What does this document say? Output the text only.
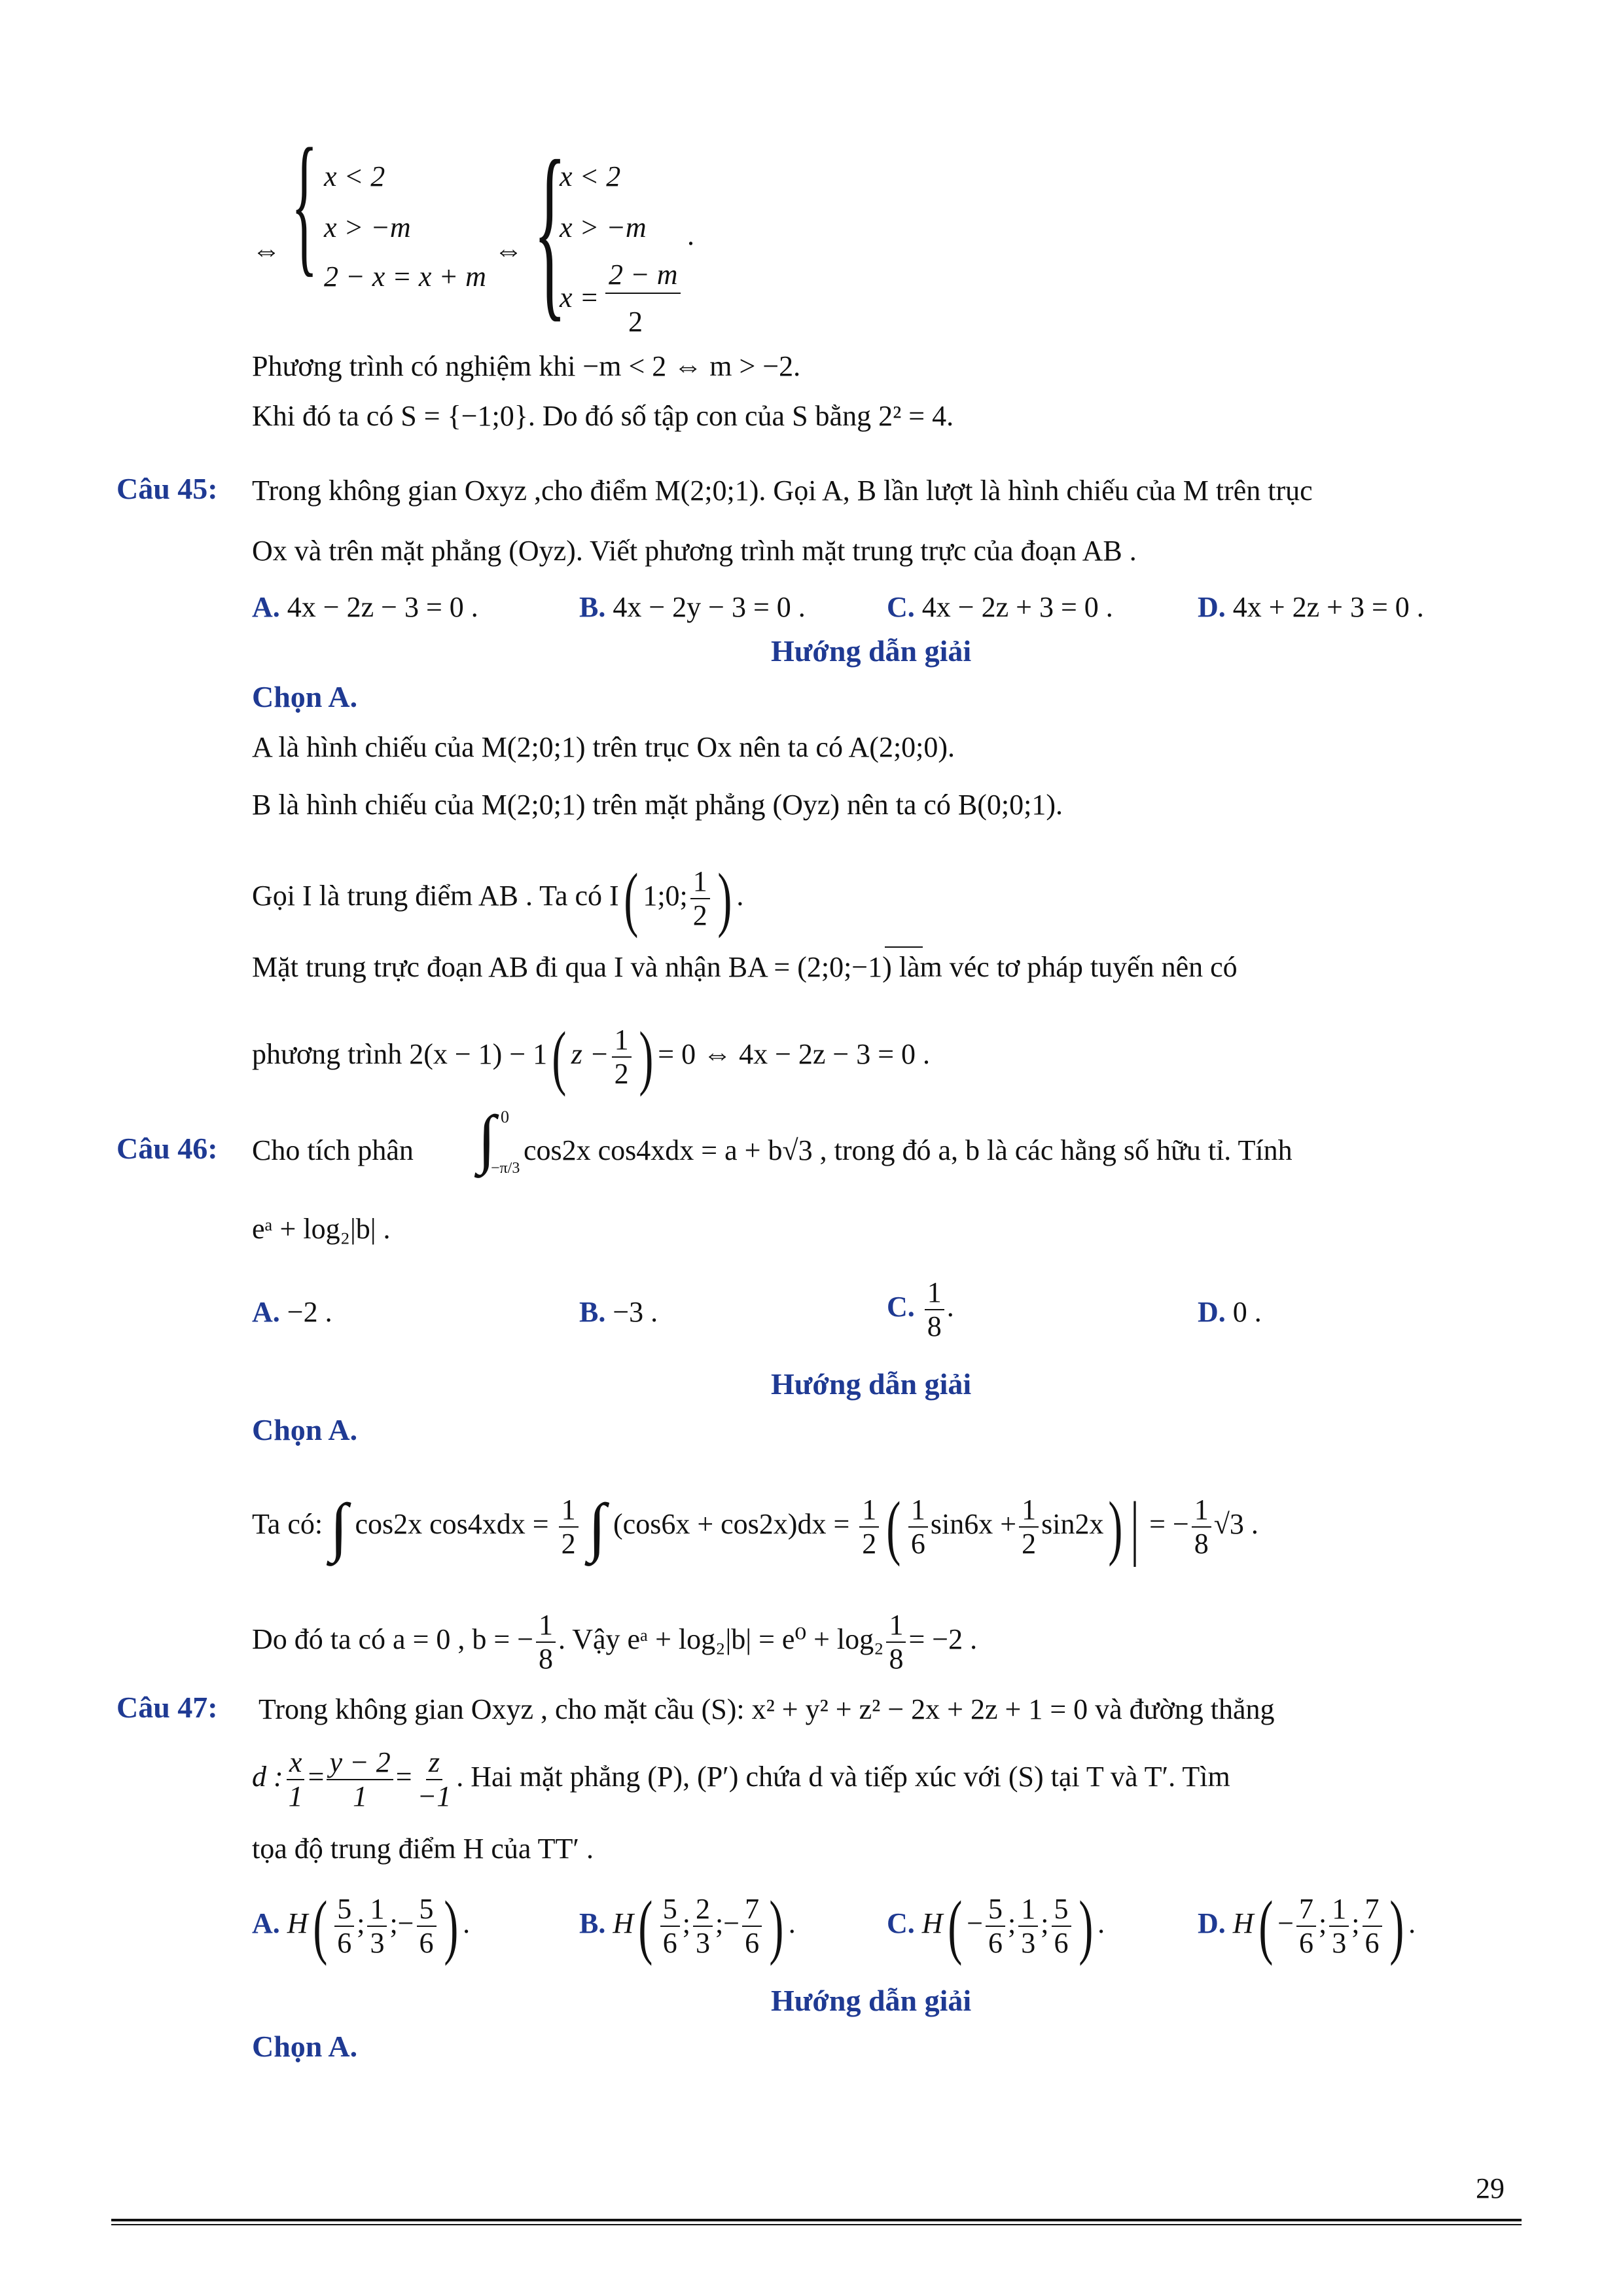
⇔ { x < 2
x > −m
2 − x = x + m
⇔ {
x < 2
x > −m
2 − m
x =
2
.
Phương trình có nghiệm khi −m < 2 ⇔ m > −2.
Khi đó ta có S = {−1;0}. Do đó số tập con của S bằng 2² = 4.
Câu 45: Trong không gian Oxyz ,cho điểm M(2;0;1). Gọi A, B lần lượt là hình chiếu của M trên trục
Ox và trên mặt phẳng (Oyz). Viết phương trình mặt trung trực của đoạn AB .
A. 4x − 2z − 3 = 0 .	B. 4x − 2y − 3 = 0 .	C. 4x − 2z + 3 = 0 .	D. 4x + 2z + 3 = 0 .
Hướng dẫn giải
Chọn A.
A là hình chiếu của M(2;0;1) trên trục Ox nên ta có A(2;0;0).
B là hình chiếu của M(2;0;1) trên mặt phẳng (Oyz) nên ta có B(0;0;1).
Gọi I là trung điểm AB . Ta có I( 1;0; $\frac{1}{2}$ ) .
Mặt trung trực đoạn AB đi qua I và nhận BA = (2;0;−1) làm véc tơ pháp tuyến nên có
phương trình 2(x − 1) − 1( $z - \frac{1}{2}$ ) = 0 ⇔ 4x − 2z − 3 = 0 .
Câu 46: Cho tích phân ∫ 0
−π/3
cos2x cos4xdx = a + b√3 , trong đó a, b là các hằng số hữu tỉ. Tính
eᵃ + log₂|b| .
A. −2 .	B. −3 .	C. $\frac{1}{8}$ .	D. 0 .
Hướng dẫn giải
Chọn A.
Ta có: ∫ cos2x $\cos 4xdx = \frac{1}{2}$ ∫ $(\cos 6x + \cos 2x)dx = \frac{1}{2}$ ( $\frac{1}{6} \sin 6x + \frac{1}{2} \sin 2x$) | = − $\frac{1}{8} √3$ .
Do đó ta có a = 0 , b = − $\frac{1}{8}$ . Vậy eᵃ + $\log_2|b| = e^0 + \log_2 \frac{1}{8} = -2$ .
Câu 47: Trong không gian Oxyz , cho mặt cầu (S): x² + y² + z² − 2x + 2z + 1 = 0 và đường thẳng
d : $\frac{x}{1} = \frac{y - 2}{1} = \frac{z}{-1}$ . Hai mặt phẳng (P), (P′) chứa d và tiếp xúc với (S) tại T và T′. Tìm
tọa độ trung điểm H của TT′ .
A. $H( \frac{5}{6}$ ; $\frac{1}{3}$ ;− $\frac{5}{6}$ ) .	B. $H( \frac{5}{6}$ ; $\frac{2}{3}$ ;− $\frac{7}{6}$ ) .	C. $H( - \frac{5}{6}$ ; $\frac{1}{3}$ ; $\frac{5}{6}$ ) .	D. $H( - \frac{7}{6}$ ; $\frac{1}{3}$ ; $\frac{7}{6}$ ) .
Hướng dẫn giải
Chọn A.
29
